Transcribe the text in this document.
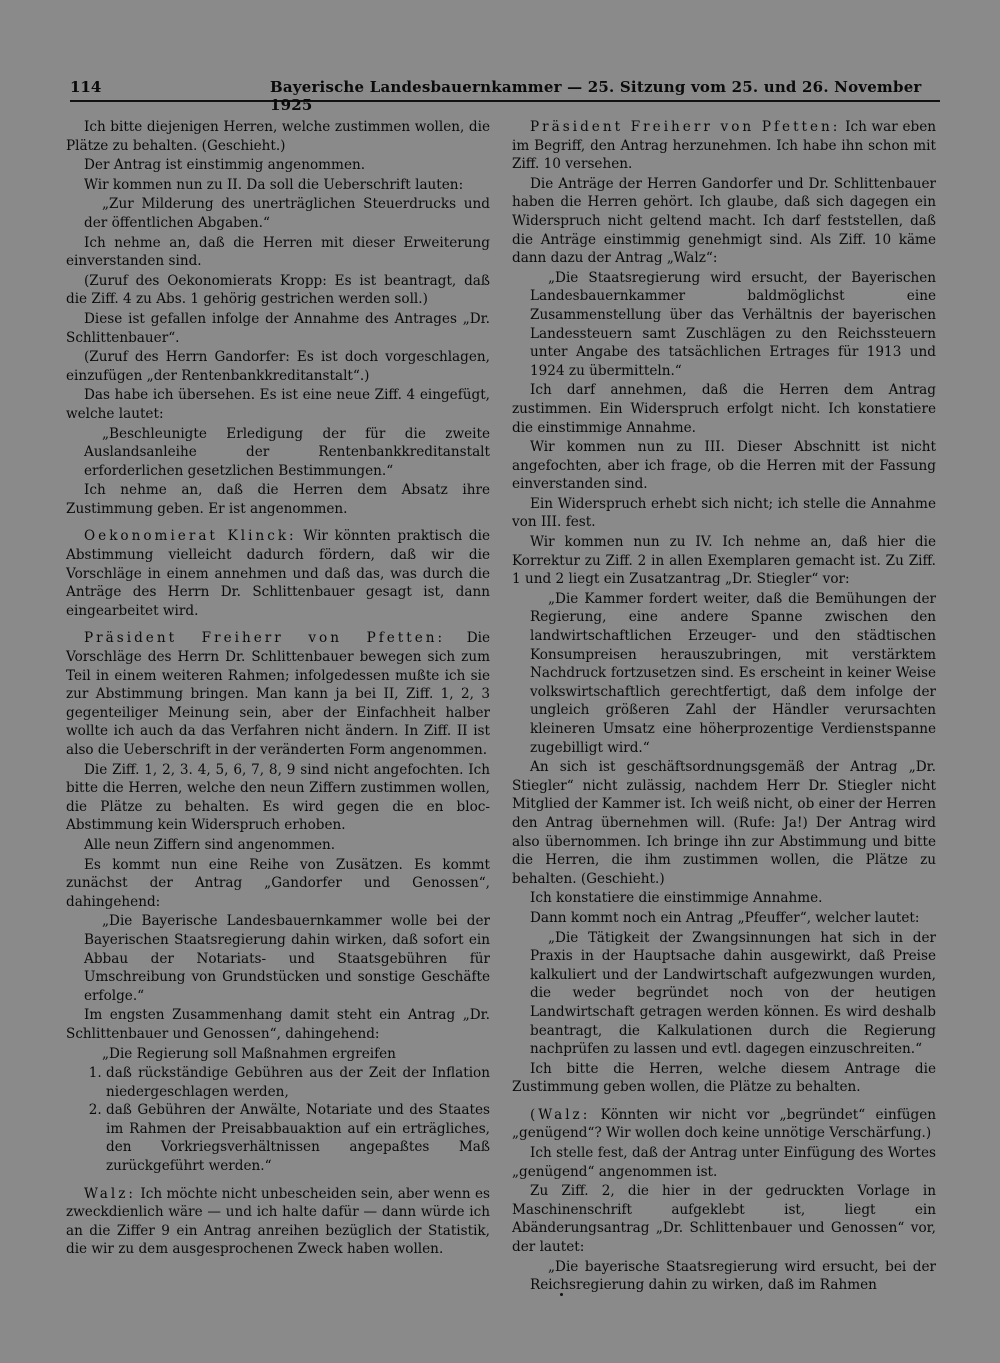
114	Bayerische Landesbauernkammer — 25. Sitzung vom 25. und 26. November 1925

Ich bitte diejenigen Herren, welche zustimmen wollen, die Plätze zu behalten. (Geschieht.)

Der Antrag ist einstimmig angenommen.

Wir kommen nun zu II. Da soll die Ueberschrift lauten:

„Zur Milderung des unerträglichen Steuerdrucks und der öffentlichen Abgaben.“

Ich nehme an, daß die Herren mit dieser Erweiterung einverstanden sind.

(Zuruf des Oekonomierats Kropp: Es ist beantragt, daß die Ziff. 4 zu Abs. 1 gehörig gestrichen werden soll.)

Diese ist gefallen infolge der Annahme des Antrages „Dr. Schlittenbauer“.

(Zuruf des Herrn Gandorfer: Es ist doch vorgeschlagen, einzufügen „der Rentenbankkreditanstalt“.)

Das habe ich übersehen. Es ist eine neue Ziff. 4 eingefügt, welche lautet:

„Beschleunigte Erledigung der für die zweite Auslandsanleihe der Rentenbankkreditanstalt erforderlichen gesetzlichen Bestimmungen.“

Ich nehme an, daß die Herren dem Absatz ihre Zustimmung geben. Er ist angenommen.

Oekonomierat Klinck: Wir könnten praktisch die Abstimmung vielleicht dadurch fördern, daß wir die Vorschläge in einem annehmen und daß das, was durch die Anträge des Herrn Dr. Schlittenbauer gesagt ist, dann eingearbeitet wird.

Präsident Freiherr von Pfetten: Die Vorschläge des Herrn Dr. Schlittenbauer bewegen sich zum Teil in einem weiteren Rahmen; infolgedessen mußte ich sie zur Abstimmung bringen. Man kann ja bei II, Ziff. 1, 2, 3 gegenteiliger Meinung sein, aber der Einfachheit halber wollte ich auch da das Verfahren nicht ändern. In Ziff. II ist also die Ueberschrift in der veränderten Form angenommen.

Die Ziff. 1, 2, 3. 4, 5, 6, 7, 8, 9 sind nicht angefochten. Ich bitte die Herren, welche den neun Ziffern zustimmen wollen, die Plätze zu behalten. Es wird gegen die en bloc-Abstimmung kein Widerspruch erhoben.

Alle neun Ziffern sind angenommen.

Es kommt nun eine Reihe von Zusätzen. Es kommt zunächst der Antrag „Gandorfer und Genossen“, dahingehend:

„Die Bayerische Landesbauernkammer wolle bei der Bayerischen Staatsregierung dahin wirken, daß sofort ein Abbau der Notariats- und Staatsgebühren für Umschreibung von Grundstücken und sonstige Geschäfte erfolge.“

Im engsten Zusammenhang damit steht ein Antrag „Dr. Schlittenbauer und Genossen“, dahingehend:

„Die Regierung soll Maßnahmen ergreifen

1. daß rückständige Gebühren aus der Zeit der Inflation niedergeschlagen werden,
2. daß Gebühren der Anwälte, Notariate und des Staates im Rahmen der Preisabbauaktion auf ein erträgliches, den Vorkriegsverhältnissen angepaßtes Maß zurückgeführt werden.“

Walz: Ich möchte nicht unbescheiden sein, aber wenn es zweckdienlich wäre — und ich halte dafür — dann würde ich an die Ziffer 9 ein Antrag anreihen bezüglich der Statistik, die wir zu dem ausgesprochenen Zweck haben wollen.

Präsident Freiherr von Pfetten: Ich war eben im Begriff, den Antrag herzunehmen. Ich habe ihn schon mit Ziff. 10 versehen.

Die Anträge der Herren Gandorfer und Dr. Schlittenbauer haben die Herren gehört. Ich glaube, daß sich dagegen ein Widerspruch nicht geltend macht. Ich darf feststellen, daß die Anträge einstimmig genehmigt sind. Als Ziff. 10 käme dann dazu der Antrag „Walz“:

„Die Staatsregierung wird ersucht, der Bayerischen Landesbauernkammer baldmöglichst eine Zusammenstellung über das Verhältnis der bayerischen Landessteuern samt Zuschlägen zu den Reichssteuern unter Angabe des tatsächlichen Ertrages für 1913 und 1924 zu übermitteln.“

Ich darf annehmen, daß die Herren dem Antrag zustimmen. Ein Widerspruch erfolgt nicht. Ich konstatiere die einstimmige Annahme.

Wir kommen nun zu III. Dieser Abschnitt ist nicht angefochten, aber ich frage, ob die Herren mit der Fassung einverstanden sind.

Ein Widerspruch erhebt sich nicht; ich stelle die Annahme von III. fest.

Wir kommen nun zu IV. Ich nehme an, daß hier die Korrektur zu Ziff. 2 in allen Exemplaren gemacht ist. Zu Ziff. 1 und 2 liegt ein Zusatzantrag „Dr. Stiegler“ vor:

„Die Kammer fordert weiter, daß die Bemühungen der Regierung, eine andere Spanne zwischen den landwirtschaftlichen Erzeuger- und den städtischen Konsumpreisen herauszubringen, mit verstärktem Nachdruck fortzusetzen sind. Es erscheint in keiner Weise volkswirtschaftlich gerechtfertigt, daß dem infolge der ungleich größeren Zahl der Händler verursachten kleineren Umsatz eine höherprozentige Verdienstspanne zugebilligt wird.“

An sich ist geschäftsordnungsgemäß der Antrag „Dr. Stiegler“ nicht zulässig, nachdem Herr Dr. Stiegler nicht Mitglied der Kammer ist. Ich weiß nicht, ob einer der Herren den Antrag übernehmen will. (Rufe: Ja!) Der Antrag wird also übernommen. Ich bringe ihn zur Abstimmung und bitte die Herren, die ihm zustimmen wollen, die Plätze zu behalten. (Geschieht.)

Ich konstatiere die einstimmige Annahme.

Dann kommt noch ein Antrag „Pfeuffer“, welcher lautet:

„Die Tätigkeit der Zwangsinnungen hat sich in der Praxis in der Hauptsache dahin ausgewirkt, daß Preise kalkuliert und der Landwirtschaft aufgezwungen wurden, die weder begründet noch von der heutigen Landwirtschaft getragen werden können. Es wird deshalb beantragt, die Kalkulationen durch die Regierung nachprüfen zu lassen und evtl. dagegen einzuschreiten.“

Ich bitte die Herren, welche diesem Antrage die Zustimmung geben wollen, die Plätze zu behalten.

(Walz: Könnten wir nicht vor „begründet“ einfügen „genügend“? Wir wollen doch keine unnötige Verschärfung.)

Ich stelle fest, daß der Antrag unter Einfügung des Wortes „genügend“ angenommen ist.

Zu Ziff. 2, die hier in der gedruckten Vorlage in Maschinenschrift aufgeklebt ist, liegt ein Abänderungsantrag „Dr. Schlittenbauer und Genossen“ vor, der lautet:

„Die bayerische Staatsregierung wird ersucht, bei der Reichsregierung dahin zu wirken, daß im Rahmen
